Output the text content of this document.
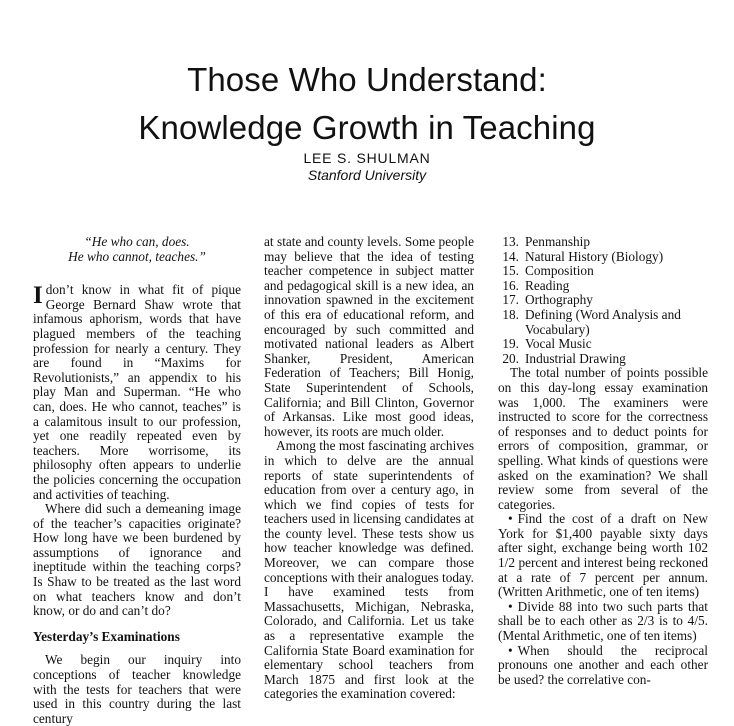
Those Who Understand:
Knowledge Growth in Teaching
LEE S. SHULMAN
Stanford University

“He who can, does.
He who cannot, teaches.”

I don’t know in what fit of pique George Bernard Shaw wrote that infamous aphorism, words that have plagued members of the teaching profession for nearly a century. They are found in “Maxims for Revolutionists,” an appendix to his play Man and Superman. “He who can, does. He who cannot, teaches” is a calamitous insult to our profession, yet one readily repeated even by teachers. More worrisome, its philosophy often appears to underlie the policies concerning the occupation and activities of teaching.

Where did such a demeaning image of the teacher’s capacities originate? How long have we been burdened by assumptions of ignorance and ineptitude within the teaching corps? Is Shaw to be treated as the last word on what teachers know and don’t know, or do and can’t do?

Yesterday’s Examinations

We begin our inquiry into conceptions of teacher knowledge with the tests for teachers that were used in this country during the last century

at state and county levels. Some people may believe that the idea of testing teacher competence in subject matter and pedagogical skill is a new idea, an innovation spawned in the excitement of this era of educational reform, and encouraged by such committed and motivated national leaders as Albert Shanker, President, American Federation of Teachers; Bill Honig, State Superintendent of Schools, California; and Bill Clinton, Governor of Arkansas. Like most good ideas, however, its roots are much older.

Among the most fascinating archives in which to delve are the annual reports of state superintendents of education from over a century ago, in which we find copies of tests for teachers used in licensing candidates at the county level. These tests show us how teacher knowledge was defined. Moreover, we can compare those conceptions with their analogues today. I have examined tests from Massachusetts, Michigan, Nebraska, Colorado, and California. Let us take as a representative example the California State Board examination for elementary school teachers from March 1875 and first look at the categories the examination covered:

13. Penmanship
14. Natural History (Biology)
15. Composition
16. Reading
17. Orthography
18. Defining (Word Analysis and Vocabulary)
19. Vocal Music
20. Industrial Drawing

The total number of points possible on this day-long essay examination was 1,000. The examiners were instructed to score for the correctness of responses and to deduct points for errors of composition, grammar, or spelling. What kinds of questions were asked on the examination? We shall review some from several of the categories.

• Find the cost of a draft on New York for $1,400 payable sixty days after sight, exchange being worth 102 1/2 percent and interest being reckoned at a rate of 7 percent per annum. (Written Arithmetic, one of ten items)

• Divide 88 into two such parts that shall be to each other as 2/3 is to 4/5. (Mental Arithmetic, one of ten items)

• When should the reciprocal pronouns one another and each other be used? the correlative con-
